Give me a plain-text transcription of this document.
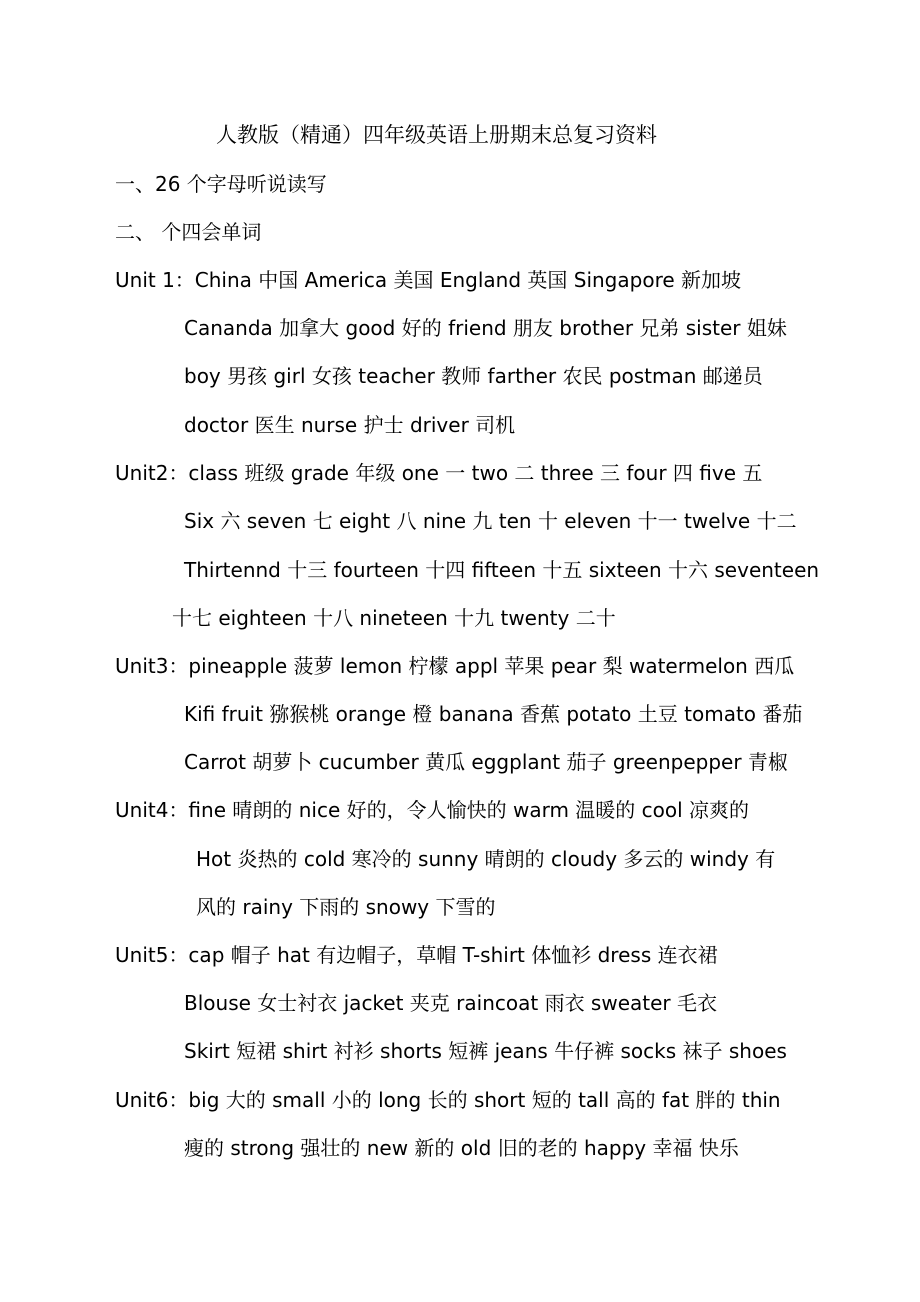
人教版（精通）四年级英语上册期末总复习资料
一、26 个字母听说读写
二、 个四会单词
Unit 1：China 中国 America 美国 England 英国 Singapore 新加坡
Cananda 加拿大 good 好的 friend 朋友 brother 兄弟 sister 姐妹
boy 男孩 girl 女孩 teacher 教师 farther 农民 postman 邮递员
doctor 医生 nurse 护士 driver 司机
Unit2：class 班级 grade 年级 one 一 two 二 three 三 four 四 five 五
Six 六 seven 七 eight 八 nine 九 ten 十 eleven 十一 twelve 十二
Thirtennd 十三 fourteen 十四 fifteen 十五 sixteen 十六 seventeen
十七 eighteen 十八 nineteen 十九 twenty 二十
Unit3：pineapple 菠萝 lemon 柠檬 appl 苹果 pear 梨 watermelon 西瓜
Kifi fruit 猕猴桃 orange 橙 banana 香蕉 potato 土豆 tomato 番茄
Carrot 胡萝卜 cucumber 黄瓜 eggplant 茄子 greenpepper 青椒
Unit4：fine 晴朗的 nice 好的，令人愉快的 warm 温暖的 cool 凉爽的
Hot 炎热的 cold 寒冷的 sunny 晴朗的 cloudy 多云的 windy 有
风的 rainy 下雨的 snowy 下雪的
Unit5：cap 帽子 hat 有边帽子，草帽 T-shirt 体恤衫 dress 连衣裙
Blouse 女士衬衣 jacket 夹克 raincoat 雨衣 sweater 毛衣
Skirt 短裙 shirt 衬衫 shorts 短裤 jeans 牛仔裤 socks 袜子 shoes
Unit6：big 大的 small 小的 long 长的 short 短的 tall 高的 fat 胖的 thin
瘦的 strong 强壮的 new 新的 old 旧的老的 happy 幸福 快乐
